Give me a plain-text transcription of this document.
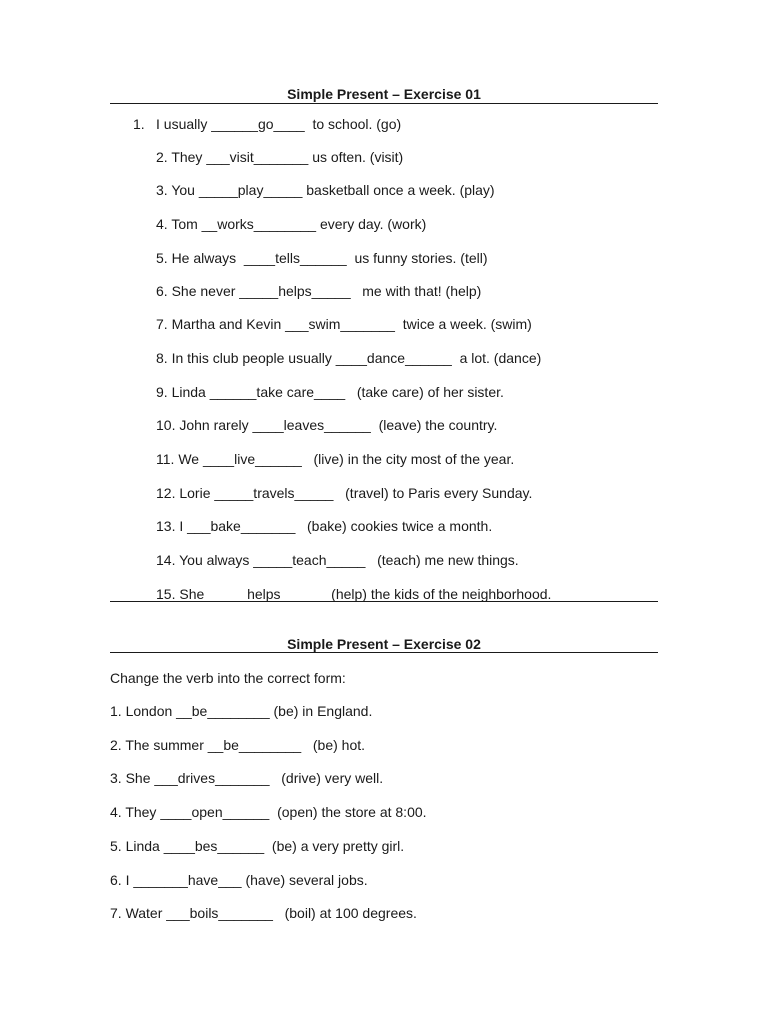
Simple Present – Exercise 01
1. I usually ______go____  to school. (go)
2. They ___visit_______ us often. (visit)
3. You _____play_____ basketball once a week. (play)
4. Tom __works________ every day. (work)
5. He always  ____tells______  us funny stories. (tell)
6. She never _____helps_____   me with that! (help)
7. Martha and Kevin ___swim_______  twice a week. (swim)
8. In this club people usually ____dance______  a lot. (dance)
9. Linda ______take care____   (take care) of her sister.
10. John rarely ____leaves______  (leave) the country.
11. We ____live______   (live) in the city most of the year.
12. Lorie _____travels_____   (travel) to Paris every Sunday.
13. I ___bake_______   (bake) cookies twice a month.
14. You always _____teach_____   (teach) me new things.
15. She _____helps_____   (help) the kids of the neighborhood.
Simple Present – Exercise 02
Change the verb into the correct form:
1. London __be________ (be) in England.
2. The summer __be________   (be) hot.
3. She ___drives_______   (drive) very well.
4. They ____open______  (open) the store at 8:00.
5. Linda ____bes______  (be) a very pretty girl.
6. I _______have___ (have) several jobs.
7. Water ___boils_______   (boil) at 100 degrees.
